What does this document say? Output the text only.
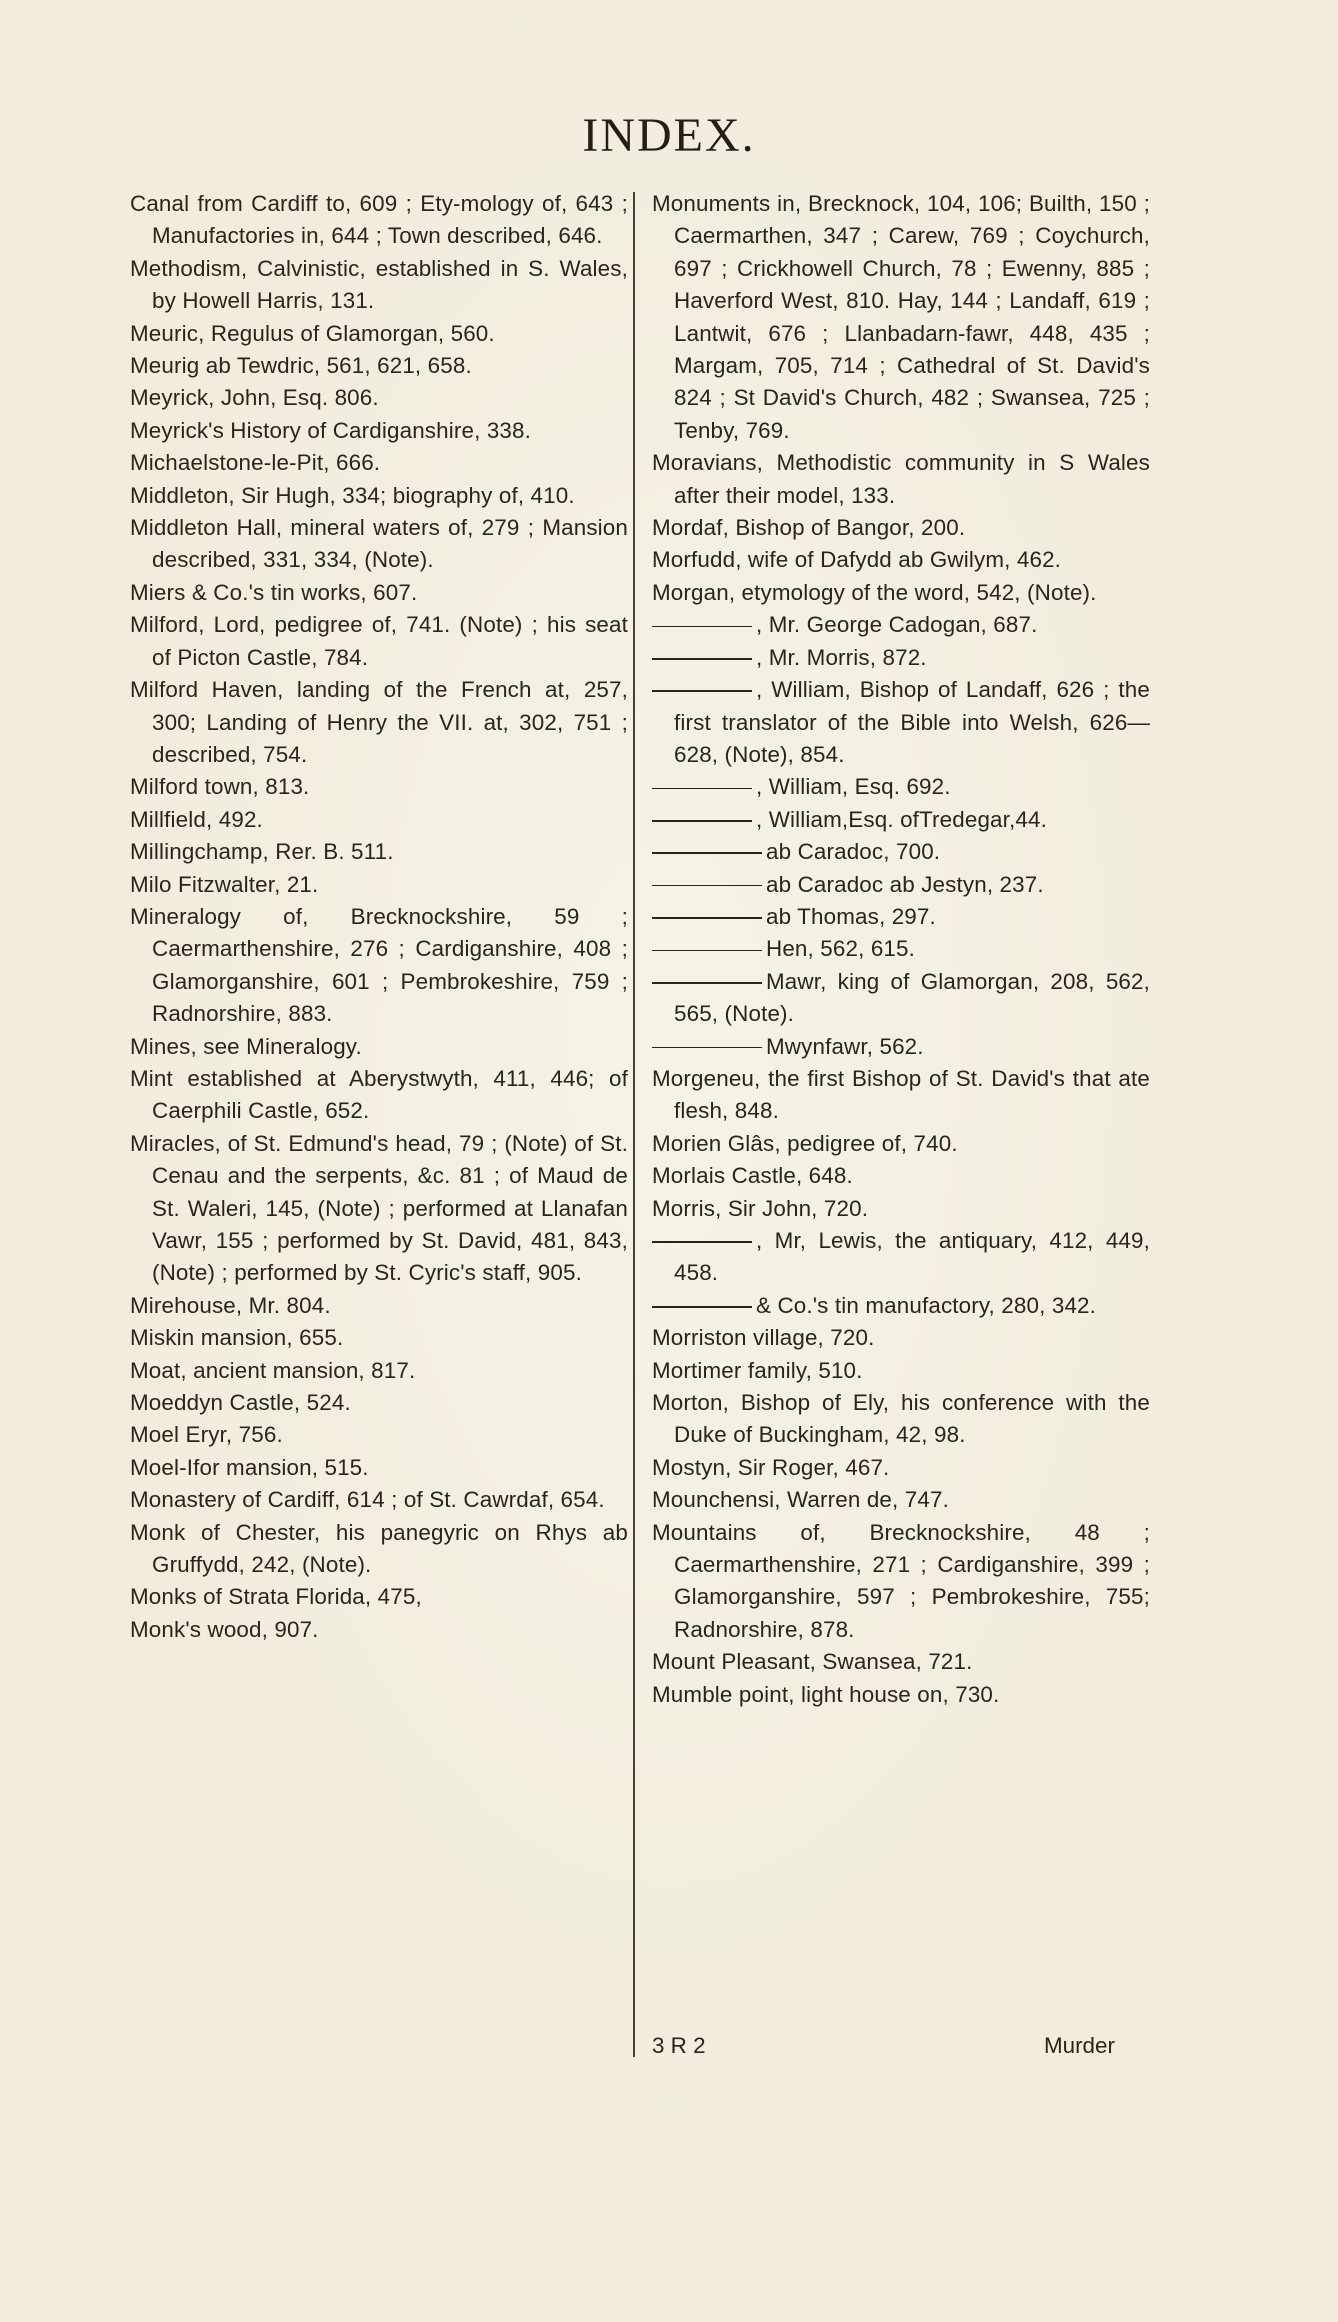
INDEX.

Canal from Cardiff to, 609 ; Ety-mology of, 643 ; Manufactories in, 644 ; Town described, 646.

Methodism, Calvinistic, established in S. Wales, by Howell Harris, 131.

Meuric, Regulus of Glamorgan, 560.

Meurig ab Tewdric, 561, 621, 658.

Meyrick, John, Esq. 806.

Meyrick's History of Cardiganshire, 338.

Michaelstone-le-Pit, 666.

Middleton, Sir Hugh, 334; biography of, 410.

Middleton Hall, mineral waters of, 279 ; Mansion described, 331, 334, (Note).

Miers & Co.'s tin works, 607.

Milford, Lord, pedigree of, 741. (Note) ; his seat of Picton Castle, 784.

Milford Haven, landing of the French at, 257, 300; Landing of Henry the VII. at, 302, 751 ; described, 754.

Milford town, 813.

Millfield, 492.

Millingchamp, Rer. B. 511.

Milo Fitzwalter, 21.

Mineralogy of, Brecknockshire, 59 ; Caermarthenshire, 276 ; Cardiganshire, 408 ; Glamorganshire, 601 ; Pembrokeshire, 759 ; Radnorshire, 883.

Mines, see Mineralogy.

Mint established at Aberystwyth, 411, 446; of Caerphili Castle, 652.

Miracles, of St. Edmund's head, 79 ; (Note) of St. Cenau and the serpents, &c. 81 ; of Maud de St. Waleri, 145, (Note) ; performed at Llanafan Vawr, 155 ; performed by St. David, 481, 843, (Note) ; performed by St. Cyric's staff, 905.

Mirehouse, Mr. 804.

Miskin mansion, 655.

Moat, ancient mansion, 817.

Moeddyn Castle, 524.

Moel Eryr, 756.

Moel-Ifor mansion, 515.

Monastery of Cardiff, 614 ; of St. Cawrdaf, 654.

Monk of Chester, his panegyric on Rhys ab Gruffydd, 242, (Note).

Monks of Strata Florida, 475,

Monk's wood, 907.

Monuments in, Brecknock, 104, 106; Builth, 150 ; Caermarthen, 347 ; Carew, 769 ; Coychurch, 697 ; Crickhowell Church, 78 ; Ewenny, 885 ; Haverford West, 810. Hay, 144 ; Landaff, 619 ; Lantwit, 676 ; Llanbadarn-fawr, 448, 435 ; Margam, 705, 714 ; Cathedral of St. David's 824 ; St David's Church, 482 ; Swansea, 725 ; Tenby, 769.

Moravians, Methodistic community in S Wales after their model, 133.

Mordaf, Bishop of Bangor, 200.

Morfudd, wife of Dafydd ab Gwilym, 462.

Morgan, etymology of the word, 542, (Note).

, Mr. George Cadogan, 687.

, Mr. Morris, 872.

, William, Bishop of Landaff, 626 ; the first translator of the Bible into Welsh, 626—628, (Note), 854.

, William, Esq. 692.

, William,Esq. ofTredegar,44.

ab Caradoc, 700.

ab Caradoc ab Jestyn, 237.

ab Thomas, 297.

Hen, 562, 615.

Mawr, king of Glamorgan, 208, 562, 565, (Note).

Mwynfawr, 562.

Morgeneu, the first Bishop of St. David's that ate flesh, 848.

Morien Glâs, pedigree of, 740.

Morlais Castle, 648.

Morris, Sir John, 720.

, Mr, Lewis, the antiquary, 412, 449, 458.

& Co.'s tin manufactory, 280, 342.

Morriston village, 720.

Mortimer family, 510.

Morton, Bishop of Ely, his conference with the Duke of Buckingham, 42, 98.

Mostyn, Sir Roger, 467.

Mounchensi, Warren de, 747.

Mountains of, Brecknockshire, 48 ; Caermarthenshire, 271 ; Cardiganshire, 399 ; Glamorganshire, 597 ; Pembrokeshire, 755; Radnorshire, 878.

Mount Pleasant, Swansea, 721.

Mumble point, light house on, 730.

3 R 2	Murder
